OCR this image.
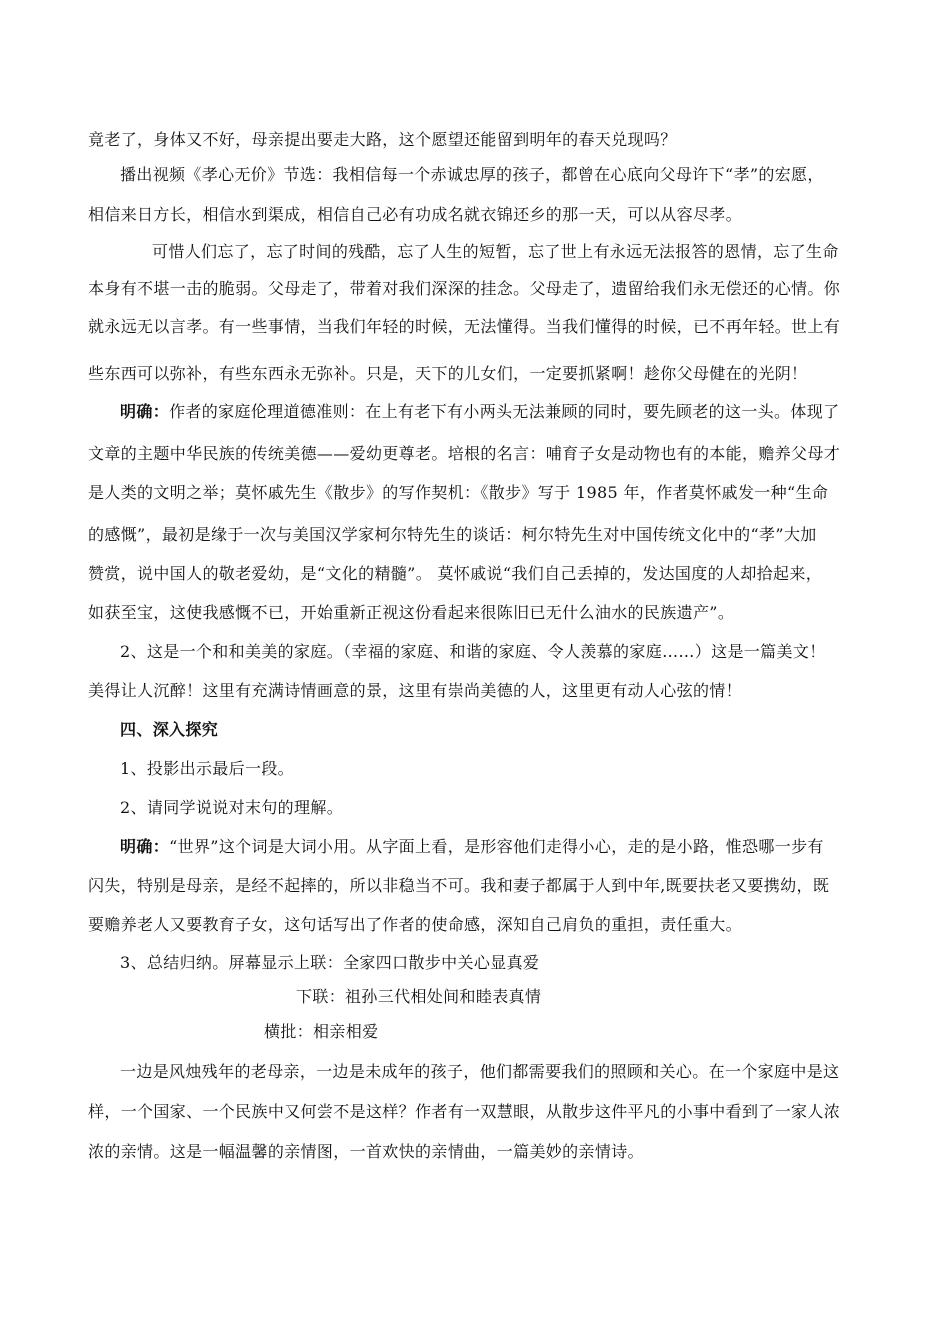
竟老了，身体又不好，母亲提出要走大路，这个愿望还能留到明年的春天兑现吗？
播出视频《孝心无价》节选：我相信每一个赤诚忠厚的孩子，都曾在心底向父母许下“孝”的宏愿，
相信来日方长，相信水到渠成，相信自己必有功成名就衣锦还乡的那一天，可以从容尽孝。
可惜人们忘了，忘了时间的残酷，忘了人生的短暂，忘了世上有永远无法报答的恩情，忘了生命
本身有不堪一击的脆弱。父母走了，带着对我们深深的挂念。父母走了，遗留给我们永无偿还的心情。你
就永远无以言孝。有一些事情，当我们年轻的时候，无法懂得。当我们懂得的时候，已不再年轻。世上有
些东西可以弥补，有些东西永无弥补。只是，天下的儿女们，一定要抓紧啊！趁你父母健在的光阴！
明确：作者的家庭伦理道德准则：在上有老下有小两头无法兼顾的同时，要先顾老的这一头。体现了
文章的主题中华民族的传统美德——爱幼更尊老。培根的名言：哺育子女是动物也有的本能，赡养父母才
是人类的文明之举；莫怀戚先生《散步》的写作契机：《散步》写于 1985 年，作者莫怀戚发一种“生命
的感慨”，最初是缘于一次与美国汉学家柯尔特先生的谈话：柯尔特先生对中国传统文化中的“孝”大加
赞赏，说中国人的敬老爱幼，是“文化的精髓”。 莫怀戚说“我们自己丢掉的，发达国度的人却拾起来，
如获至宝，这使我感慨不已，开始重新正视这份看起来很陈旧已无什么油水的民族遗产”。
2、这是一个和和美美的家庭。（幸福的家庭、和谐的家庭、令人羡慕的家庭……）这是一篇美文！
美得让人沉醉！这里有充满诗情画意的景，这里有崇尚美德的人，这里更有动人心弦的情！
四、深入探究
1、投影出示最后一段。
2、请同学说说对末句的理解。
明确：“世界”这个词是大词小用。从字面上看，是形容他们走得小心，走的是小路，惟恐哪一步有
闪失，特别是母亲，是经不起摔的，所以非稳当不可。我和妻子都属于人到中年,既要扶老又要携幼，既
要赡养老人又要教育子女，这句话写出了作者的使命感，深知自己肩负的重担，责任重大。
3、总结归纳。屏幕显示上联：全家四口散步中关心显真爱
下联：祖孙三代相处间和睦表真情
横批：相亲相爱
一边是风烛残年的老母亲，一边是未成年的孩子，他们都需要我们的照顾和关心。在一个家庭中是这
样，一个国家、一个民族中又何尝不是这样？作者有一双慧眼，从散步这件平凡的小事中看到了一家人浓
浓的亲情。这是一幅温馨的亲情图，一首欢快的亲情曲，一篇美妙的亲情诗。
